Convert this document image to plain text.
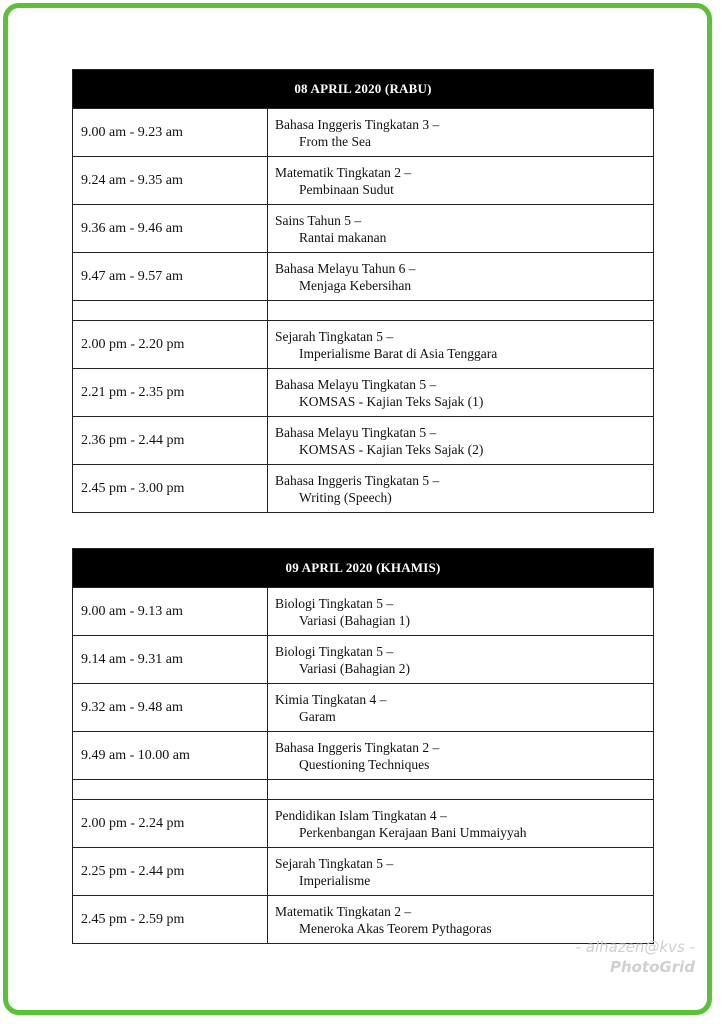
08 APRIL 2020 (RABU)	
9.00 am - 9.23 am	Bahasa Inggeris Tingkatan 3 –
From the Sea

9.24 am - 9.35 am	Matematik Tingkatan 2 –
Pembinaan Sudut

9.36 am - 9.46 am	Sains Tahun 5 –
Rantai makanan

9.47 am - 9.57 am	Bahasa Melayu Tahun 6 –
Menjaga Kebersihan

2.00 pm - 2.20 pm	Sejarah Tingkatan 5 –
Imperialisme Barat di Asia Tenggara

2.21 pm - 2.35 pm	Bahasa Melayu Tingkatan 5 –
KOMSAS - Kajian Teks Sajak (1)

2.36 pm - 2.44 pm	Bahasa Melayu Tingkatan 5 –
KOMSAS - Kajian Teks Sajak (2)

2.45 pm - 3.00 pm	Bahasa Inggeris Tingkatan 5 –
Writing (Speech)
09 APRIL 2020 (KHAMIS)	
9.00 am - 9.13 am	Biologi Tingkatan 5 –
Variasi (Bahagian 1)

9.14 am - 9.31 am	Biologi Tingkatan 5 –
Variasi (Bahagian 2)

9.32 am - 9.48 am	Kimia Tingkatan 4 –
Garam

9.49 am - 10.00 am	Bahasa Inggeris Tingkatan 2 –
Questioning Techniques

2.00 pm - 2.24 pm	Pendidikan Islam Tingkatan 4 –
Perkenbangan Kerajaan Bani Ummaiyyah

2.25 pm - 2.44 pm	Sejarah Tingkatan 5 –
Imperialisme

2.45 pm - 2.59 pm	Matematik Tingkatan 2 –
Meneroka Akas Teorem Pythagoras
- alhazen@kvs -
PhotoGrid
